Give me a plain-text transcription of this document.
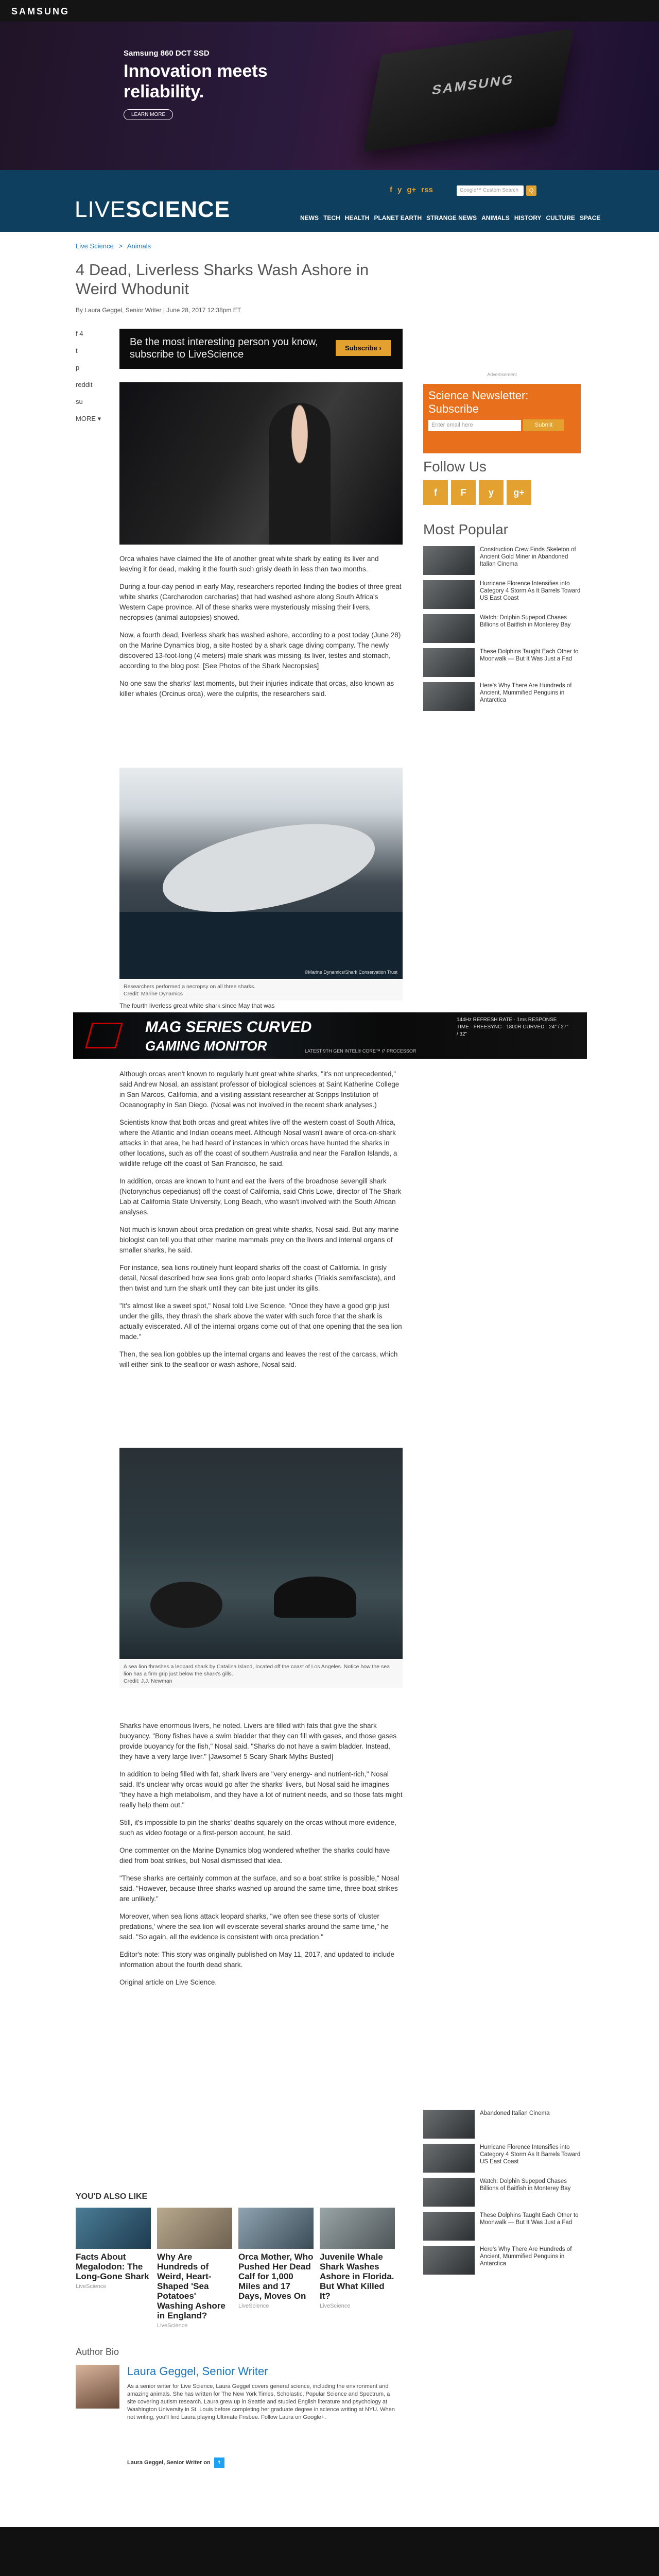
SAMSUNG
Samsung 860 DCT SSD
Innovation meets reliability.
LEARN MORE
SAMSUNG
LIVESCIENCE
f y g+ rss	Google™ Custom Search	Q
NEWS TECH HEALTH PLANET EARTH STRANGE NEWS ANIMALS HISTORY CULTURE SPACE
Live Science > Animals
4 Dead, Liverless Sharks Wash Ashore in Weird Whodunit
By Laura Geggel, Senior Writer | June 28, 2017 12:38pm ET
f 4
t
p
reddit
su
MORE ▾
Be the most interesting person you know, subscribe to LiveScience
Subscribe ›

Orca whales have claimed the life of another great white shark by eating its liver and leaving it for dead, making it the fourth such grisly death in less than two months.

During a four-day period in early May, researchers reported finding the bodies of three great white sharks (Carcharodon carcharias) that had washed ashore along South Africa's Western Cape province. All of these sharks were mysteriously missing their livers, necropsies (animal autopsies) showed.

Now, a fourth dead, liverless shark has washed ashore, according to a post today (June 28) on the Marine Dynamics blog, a site hosted by a shark cage diving company. The newly discovered 13-foot-long (4 meters) male shark was missing its liver, testes and stomach, according to the blog post. [See Photos of the Shark Necropsies]

No one saw the sharks' last moments, but their injuries indicate that orcas, also known as killer whales (Orcinus orca), were the culprits, the researchers said.

©Marine Dynamics/Shark Conservation Trust
Researchers performed a necropsy on all three sharks.
Credit: Marine Dynamics
The fourth liverless great white shark since May that was
MAG SERIES CURVED
GAMING MONITOR	LATEST 9TH GEN INTEL® CORE™ i7 PROCESSOR
144Hz REFRESH RATE · 1ms RESPONSE TIME · FREESYNC · 1800R CURVED · 24" / 27" / 32"

Although orcas aren't known to regularly hunt great white sharks, "it's not unprecedented," said Andrew Nosal, an assistant professor of biological sciences at Saint Katherine College in San Marcos, California, and a visiting assistant researcher at Scripps Institution of Oceanography in San Diego. (Nosal was not involved in the recent shark analyses.)

Scientists know that both orcas and great whites live off the western coast of South Africa, where the Atlantic and Indian oceans meet. Although Nosal wasn't aware of orca-on-shark attacks in that area, he had heard of instances in which orcas have hunted the sharks in other locations, such as off the coast of southern Australia and near the Farallon Islands, a wildlife refuge off the coast of San Francisco, he said.

In addition, orcas are known to hunt and eat the livers of the broadnose sevengill shark (Notorynchus cepedianus) off the coast of California, said Chris Lowe, director of The Shark Lab at California State University, Long Beach, who wasn't involved with the South African analyses.

Not much is known about orca predation on great white sharks, Nosal said. But any marine biologist can tell you that other marine mammals prey on the livers and internal organs of smaller sharks, he said.

For instance, sea lions routinely hunt leopard sharks off the coast of California. In grisly detail, Nosal described how sea lions grab onto leopard sharks (Triakis semifasciata), and then twist and turn the shark until they can bite just under its gills.

"It's almost like a sweet spot," Nosal told Live Science. "Once they have a good grip just under the gills, they thrash the shark above the water with such force that the shark is actually eviscerated. All of the internal organs come out of that one opening that the sea lion made."

Then, the sea lion gobbles up the internal organs and leaves the rest of the carcass, which will either sink to the seafloor or wash ashore, Nosal said.

A sea lion thrashes a leopard shark by Catalina Island, located off the coast of Los Angeles. Notice how the sea lion has a firm grip just below the shark's gills.
Credit: J.J. Newman

Sharks have enormous livers, he noted. Livers are filled with fats that give the shark buoyancy. "Bony fishes have a swim bladder that they can fill with gases, and those gases provide buoyancy for the fish," Nosal said. "Sharks do not have a swim bladder. Instead, they have a very large liver." [Jawsome! 5 Scary Shark Myths Busted]

In addition to being filled with fat, shark livers are "very energy- and nutrient-rich," Nosal said. It's unclear why orcas would go after the sharks' livers, but Nosal said he imagines "they have a high metabolism, and they have a lot of nutrient needs, and so those fats might really help them out."

Still, it's impossible to pin the sharks' deaths squarely on the orcas without more evidence, such as video footage or a first-person account, he said.

One commenter on the Marine Dynamics blog wondered whether the sharks could have died from boat strikes, but Nosal dismissed that idea.

"These sharks are certainly common at the surface, and so a boat strike is possible," Nosal said. "However, because three sharks washed up around the same time, three boat strikes are unlikely."

Moreover, when sea lions attack leopard sharks, "we often see these sorts of 'cluster predations,' where the sea lion will eviscerate several sharks around the same time," he said. "So again, all the evidence is consistent with orca predation."

Editor's note: This story was originally published on May 11, 2017, and updated to include information about the fourth dead shark.

Original article on Live Science.

Advertisement
Science Newsletter: Subscribe
Enter email here	Submit
Follow Us
f	F	y	g+
Most Popular
Construction Crew Finds Skeleton of Ancient Gold Miner in Abandoned Italian Cinema
Hurricane Florence Intensifies into Category 4 Storm As It Barrels Toward US East Coast
Watch: Dolphin Supepod Chases Billions of Baitfish in Monterey Bay
These Dolphins Taught Each Other to Moonwalk — But It Was Just a Fad
Here's Why There Are Hundreds of Ancient, Mummified Penguins in Antarctica
Abandoned Italian Cinema
Hurricane Florence Intensifies into Category 4 Storm As It Barrels Toward US East Coast
Watch: Dolphin Supepod Chases Billions of Baitfish in Monterey Bay
These Dolphins Taught Each Other to Moonwalk — But It Was Just a Fad
Here's Why There Are Hundreds of Ancient, Mummified Penguins in Antarctica
YOU'D ALSO LIKE
Facts About Megalodon: The Long-Gone Shark
LiveScience
Why Are Hundreds of Weird, Heart-Shaped 'Sea Potatoes' Washing Ashore in England?
LiveScience
Orca Mother, Who Pushed Her Dead Calf for 1,000 Miles and 17 Days, Moves On
LiveScience
Juvenile Whale Shark Washes Ashore in Florida. But What Killed It?
LiveScience
Author Bio
Laura Geggel, Senior Writer
As a senior writer for Live Science, Laura Geggel covers general science, including the environment and amazing animals. She has written for The New York Times, Scholastic, Popular Science and Spectrum, a site covering autism research. Laura grew up in Seattle and studied English literature and psychology at Washington University in St. Louis before completing her graduate degree in science writing at NYU. When not writing, you'll find Laura playing Ultimate Frisbee. Follow Laura on Google+.
Laura Geggel, Senior Writer on t
